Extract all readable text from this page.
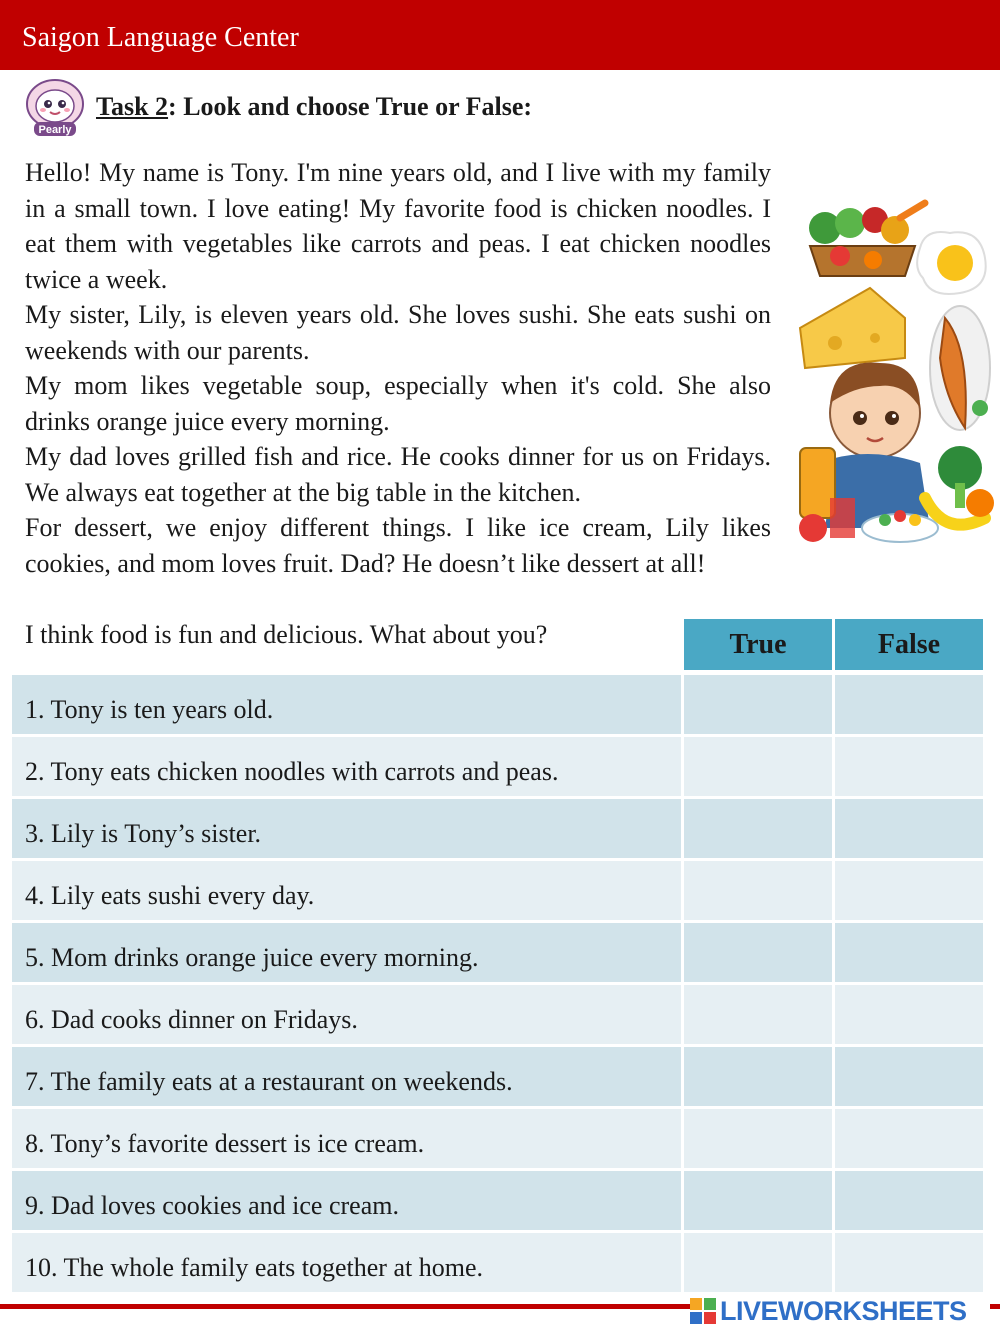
Saigon Language Center
Pearly
Task 2: Look and choose True or False:

Hello! My name is Tony. I'm nine years old, and I live with my family in a small town. I love eating! My favorite food is chicken noodles. I eat them with vegetables like carrots and peas. I eat chicken noodles twice a week.

My sister, Lily, is eleven years old. She loves sushi. She eats sushi on weekends with our parents.

My mom likes vegetable soup, especially when it's cold. She also drinks orange juice every morning.

My dad loves grilled fish and rice. He cooks dinner for us on Fridays. We always eat together at the big table in the kitchen.

For dessert, we enjoy different things. I like ice cream, Lily likes cookies, and mom loves fruit. Dad? He doesn’t like dessert at all!

I think food is fun and delicious. What about you?	True	False
1. Tony is ten years old.
2. Tony eats chicken noodles with carrots and peas.
3. Lily is Tony’s sister.
4. Lily eats sushi every day.
5. Mom drinks orange juice every morning.
6. Dad cooks dinner on Fridays.
7. The family eats at a restaurant on weekends.
8. Tony’s favorite dessert is ice cream.
9. Dad loves cookies and ice cream.
10. The whole family eats together at home.
LIVEWORKSHEETS
